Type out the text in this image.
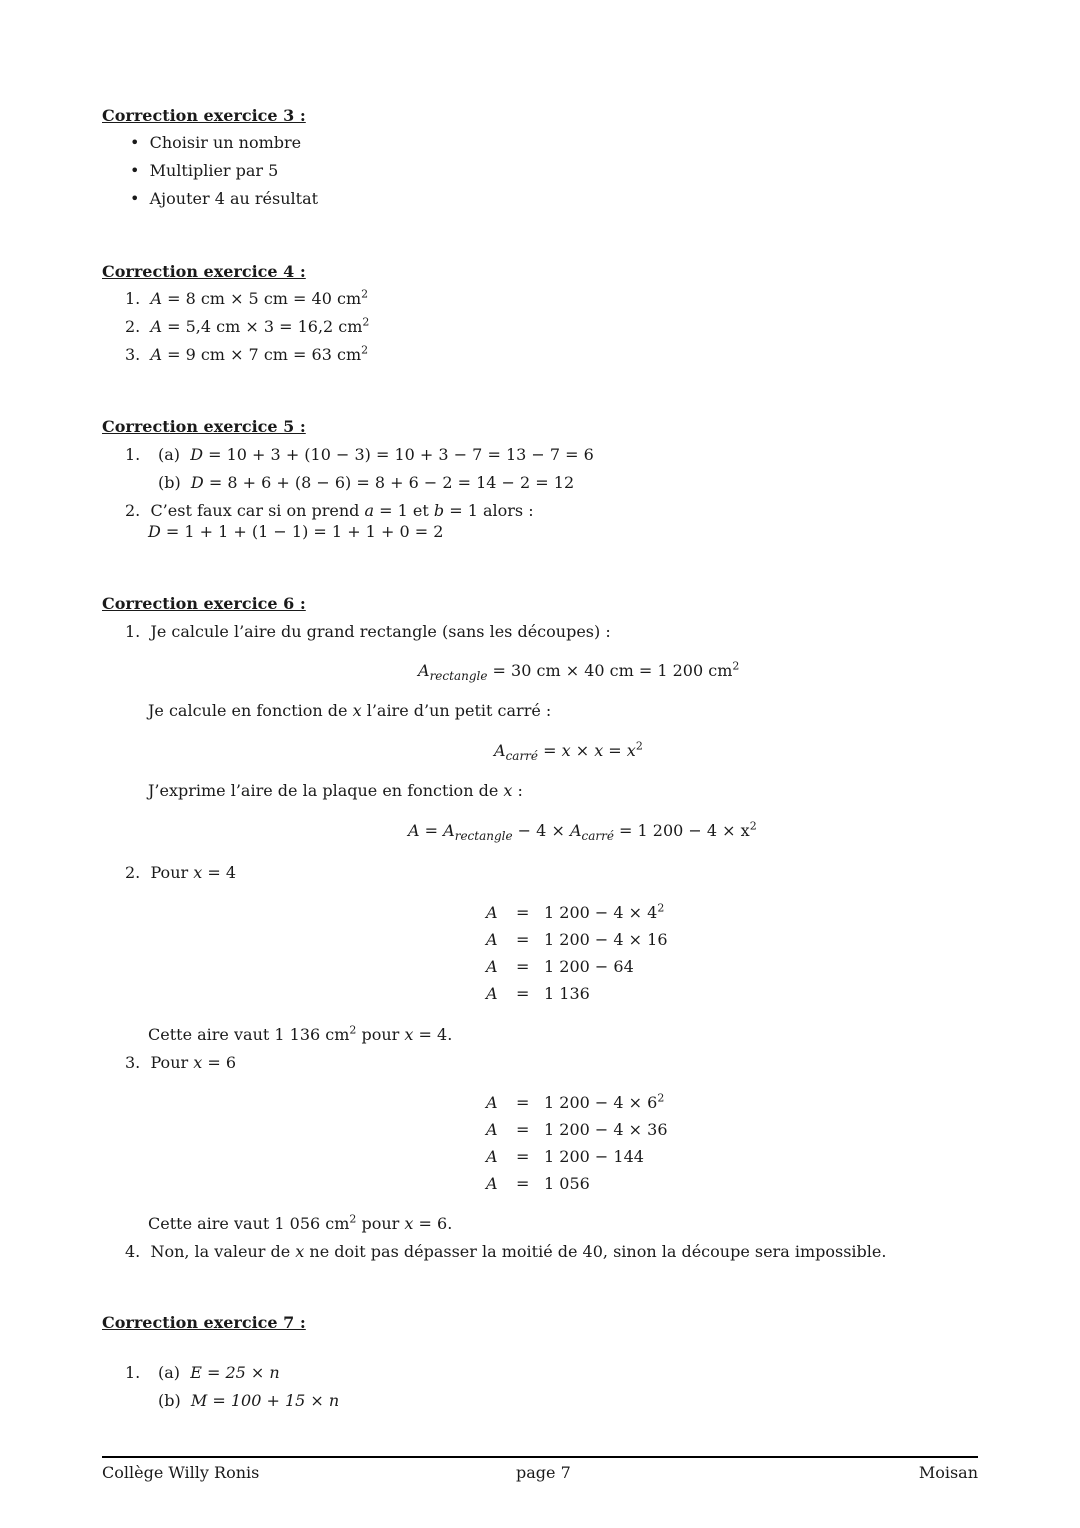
Correction exercice 3 :
•  Choisir un nombre
•  Multiplier par 5
•  Ajouter 4 au résultat
Correction exercice 4 :
1. A = 8 cm × 5 cm = 40 $cm^2$
2. A = 5,4 cm × 3 = 16,2 $cm^2$
3. A = 9 cm × 7 cm = 63 $cm^2$
Correction exercice 5 :
1. (a) D = 10 + 3 + (10 − 3) = 10 + 3 − 7 = 13 − 7 = 6
(b) D = 8 + 6 + (8 − 6) = 8 + 6 − 2 = 14 − 2 = 12
2. C’est faux car si on prend a = 1 et b = 1 alors :
D = 1 + 1 + (1 − 1) = 1 + 1 + 0 = 2
Correction exercice 6 :
1. Je calcule l’aire du grand rectangle (sans les découpes) :
$A_{rectangle} = 30$ cm × 40 cm = 1 200 $cm^2$
Je calcule en fonction de x l’aire d’un petit carré :
$A_{carré} = x \times x = x^2$
J’exprime l’aire de la plaque en fonction de x :
$A = A_{rectangle} - 4 \times A_{carré} = 1$ $200 - 4 \times x^2$
2. Pour x = 4
A = 1 $200 - 4 \times 4^2$
A = 1 200 − 4 × 16
A = 1 200 − 64
A = 1 136
Cette aire vaut 1 136 $cm^2$ pour x = 4.
3. Pour x = 6
A = 1 $200 - 4 \times 6^2$
A = 1 200 − 4 × 36
A = 1 200 − 144
A = 1 056
Cette aire vaut 1 056 $cm^2$ pour x = 6.
4. Non, la valeur de x ne doit pas dépasser la moitié de 40, sinon la découpe sera impossible.
Correction exercice 7 :
1. (a) E = 25 × n
(b) M = 100 + 15 × n
Collège Willy Ronis	page 7	Moisan
